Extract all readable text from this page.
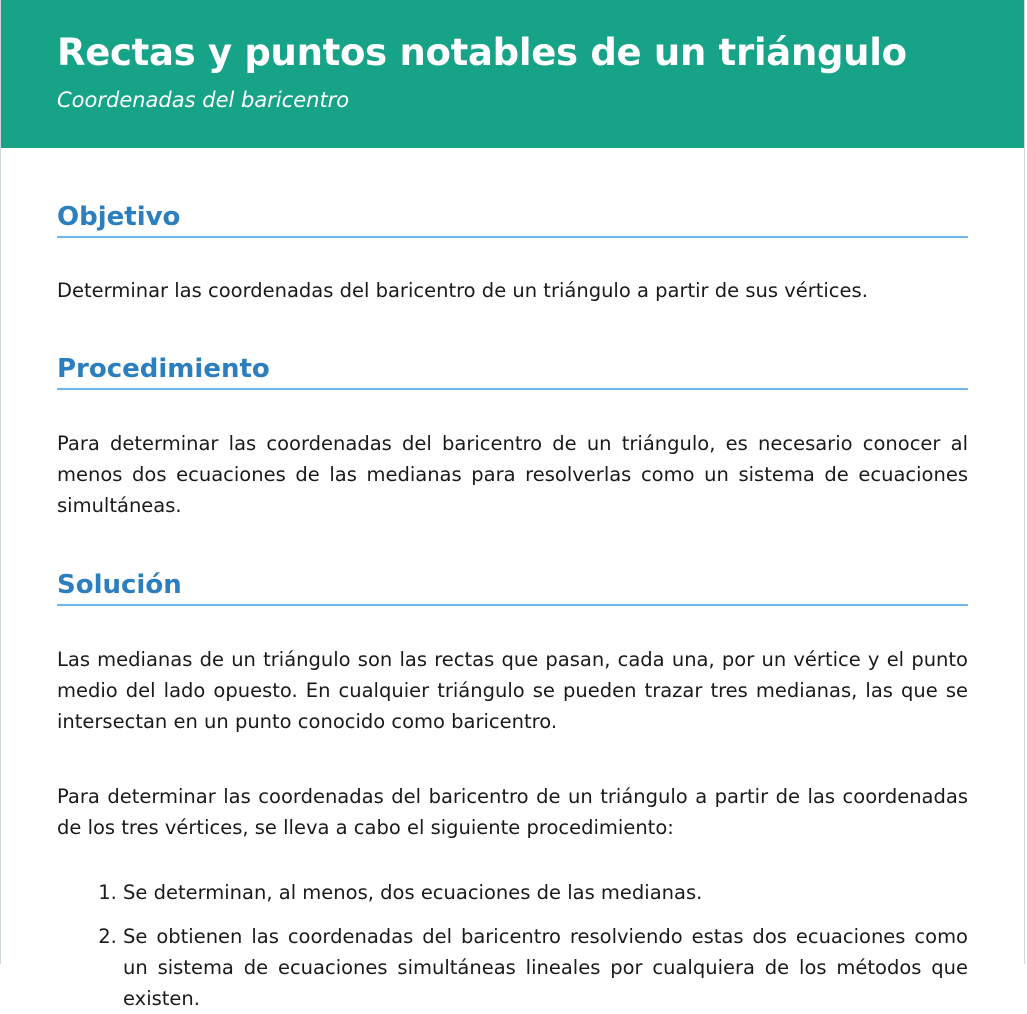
Rectas y puntos notables de un triángulo

Coordenadas del baricentro

Objetivo

Determinar las coordenadas del baricentro de un triángulo a partir de sus vértices.

Procedimiento

Para determinar las coordenadas del baricentro de un triángulo, es necesario conocer al menos dos ecuaciones de las medianas para resolverlas como un sistema de ecuaciones simultáneas.

Solución

Las medianas de un triángulo son las rectas que pasan, cada una, por un vértice y el punto medio del lado opuesto. En cualquier triángulo se pueden trazar tres medianas, las que se intersectan en un punto conocido como baricentro.

Para determinar las coordenadas del baricentro de un triángulo a partir de las coordenadas de los tres vértices, se lleva a cabo el siguiente procedimiento:

1. Se determinan, al menos, dos ecuaciones de las medianas.
2. Se obtienen las coordenadas del baricentro resolviendo estas dos ecuaciones como un sistema de ecuaciones simultáneas lineales por cualquiera de los métodos que existen.
